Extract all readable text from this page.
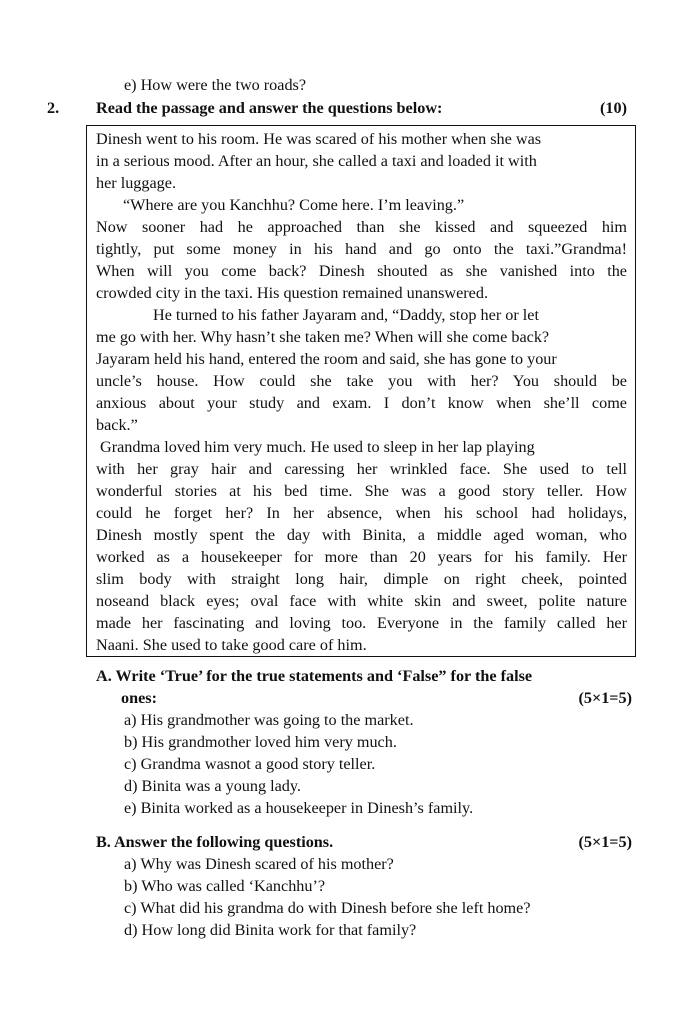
e) How were the two roads?
2. Read the passage and answer the questions below:	(10)
Dinesh went to his room. He was scared of his mother when she was
in a serious mood. After an hour, she called a taxi and loaded it with
her luggage.
“Where are you Kanchhu? Come here. I’m leaving.”
Now sooner had he approached than she kissed and squeezed him
tightly, put some money in his hand and go onto the taxi.”Grandma!
When will you come back? Dinesh shouted as she vanished into the
crowded city in the taxi. His question remained unanswered.
He turned to his father Jayaram and, “Daddy, stop her or let
me go with her. Why hasn’t she taken me? When will she come back?
Jayaram held his hand, entered the room and said, she has gone to your
uncle’s house. How could she take you with her? You should be
anxious about your study and exam. I don’t know when she’ll come
back.”
Grandma loved him very much. He used to sleep in her lap playing
with her gray hair and caressing her wrinkled face. She used to tell
wonderful stories at his bed time. She was a good story teller. How
could he forget her? In her absence, when his school had holidays,
Dinesh mostly spent the day with Binita, a middle aged woman, who
worked as a housekeeper for more than 20 years for his family. Her
slim body with straight long hair, dimple on right cheek, pointed
noseand black eyes; oval face with white skin and sweet, polite nature
made her fascinating and loving too. Everyone in the family called her
Naani. She used to take good care of him.
A. Write ‘True’ for the true statements and ‘False” for the false
ones:	(5×1=5)
a) His grandmother was going to the market.
b) His grandmother loved him very much.
c) Grandma wasnot a good story teller.
d) Binita was a young lady.
e) Binita worked as a housekeeper in Dinesh’s family.
B. Answer the following questions.	(5×1=5)
a) Why was Dinesh scared of his mother?
b) Who was called ‘Kanchhu’?
c) What did his grandma do with Dinesh before she left home?
d) How long did Binita work for that family?
